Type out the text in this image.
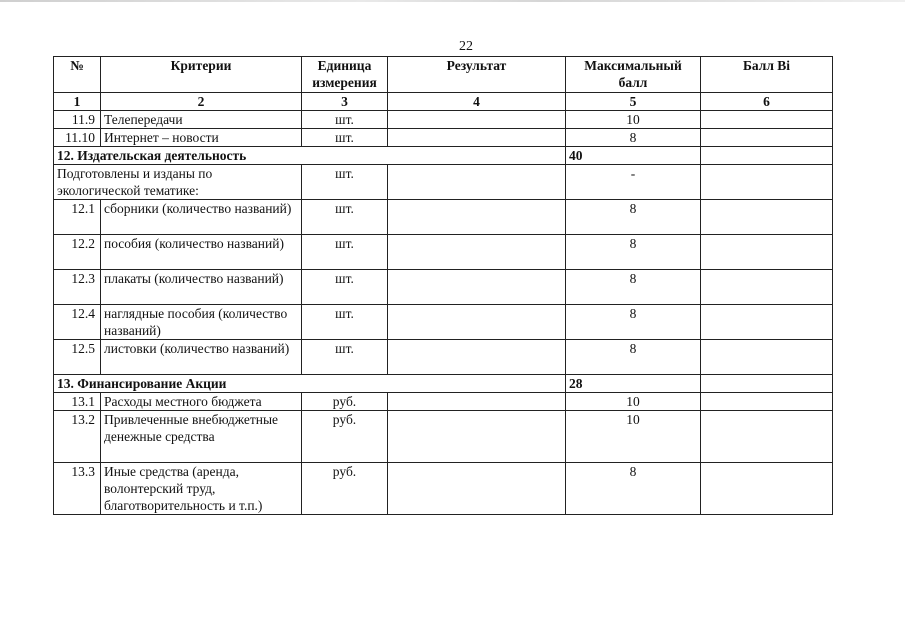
22
№	Критерии	Единица измерения	Результат	Максимальный балл	Балл Bi
1	2	3	4	5	6
11.9	Телепередачи	шт.		10	
11.10	Интернет – новости	шт.		8	
12. Издательская деятельность				40	
Подготовлены и изданы по экологической тематике:		шт.		-	
12.1	сборники (количество названий)	шт.		8	
12.2	пособия (количество названий)	шт.		8	
12.3	плакаты (количество названий)	шт.		8	
12.4	наглядные пособия (количество названий)	шт.		8	
12.5	листовки (количество названий)	шт.		8	
13. Финансирование Акции				28	
13.1	Расходы местного бюджета	руб.		10	
13.2	Привлеченные внебюджетные денежные средства	руб.		10	
13.3	Иные средства (аренда, волонтерский труд, благотворительность и т.п.)	руб.		8	
